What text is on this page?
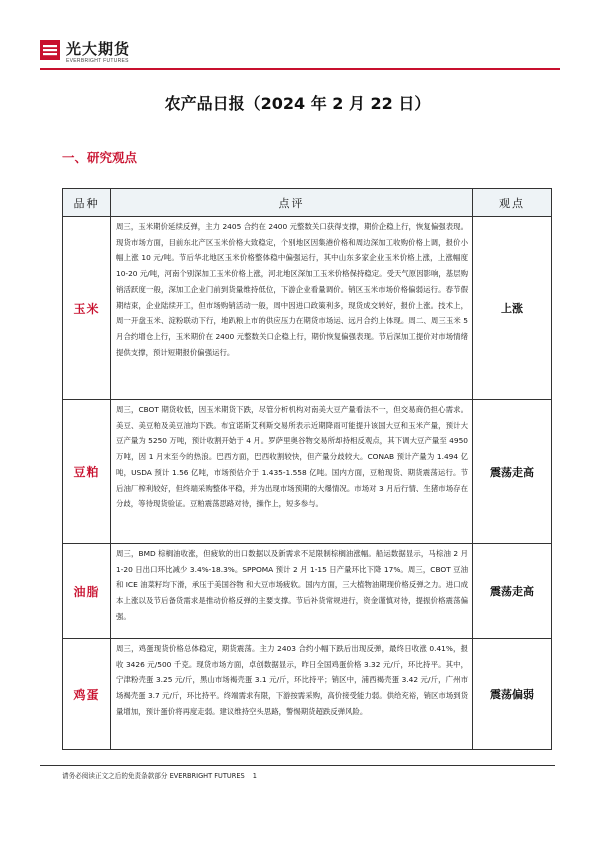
光大期货
EVERBRIGHT FUTURES
农产品日报（2024 年 2 月 22 日）
一、研究观点
品种	点评	观点
玉米	周三，玉米期价延续反弹，主力 2405 合约在 2400 元整数关口获得支撑，期价企稳上行，恢复偏强表现。现货市场方面，目前东北产区玉米价格大致稳定，个别地区因集港价格和周边深加工收购价格上调，报价小幅上涨 10 元/吨。节后华北地区玉米价格整体稳中偏强运行，其中山东多家企业玉米价格上涨，上涨幅度 10-20 元/吨，河南个别深加工玉米价格上涨，河北地区深加工玉米价格保持稳定。受天气原因影响，基层购销活跃度一般，深加工企业门前到货量维持低位，下游企业看量调价。销区玉米市场价格偏弱运行。春节假期结束，企业陆续开工，但市场购销活动一般，周中因进口政策利多，现货成交转好，报价上涨。技术上，周一开盘玉米、淀粉联动下行，地趴粮上市的供应压力在期货市场运、远月合约上体现。周二、周三玉米 5 月合约增仓上行，玉米期价在 2400 元整数关口企稳上行，期价恢复偏强表现。节后深加工提价对市场情绪提供支撑，预计短期报价偏强运行。	上涨
豆粕	周三，CBOT 期货收低，因玉米期货下跌，尽管分析机构对南美大豆产量看法不一，但交易商仍担心需求。美豆、美豆粕及美豆油均下跌。布宜诺斯艾利斯交易所表示近期降雨可能提升该国大豆和玉米产量，预计大豆产量为 5250 万吨，预计收割开始于 4 月。罗萨里奥谷物交易所却持相反观点，其下调大豆产量至 4950 万吨，因 1 月末至今的热浪。巴西方面，巴西收割较快，但产量分歧较大。CONAB 预计产量为 1.494 亿吨，USDA 预计 1.56 亿吨，市场预估介于 1.435-1.558 亿吨。国内方面，豆粕现货、期货震荡运行。节后油厂榨利较好，但终端采购整体平稳，并为出现市场预期的大爆情况。市场对 3 月后行情、生猪市场存在分歧，等待现货验证。豆粕震荡思路对待，操作上，短多参与。	震荡走高
油脂	周三，BMD 棕榈油收涨，但疲软的出口数据以及新需求不足限制棕榈油涨幅。船运数据显示，马棕油 2 月 1-20 日出口环比减少 3.4%-18.3%。SPPOMA 预计 2 月 1-15 日产量环比下降 17%。周三，CBOT 豆油和 ICE 油菜籽均下滑，承压于美国谷物 和大豆市场疲软。国内方面，三大植物油期现价格反弹之力。进口成本上涨以及节后备货需求是推动价格反弹的主要支撑。节后补货常规进行，资金谨慎对待，提振价格震荡偏强。	震荡走高
鸡蛋	周三，鸡蛋现货价格总体稳定，期货震荡。主力 2403 合约小幅下跌后出现反弹，最终日收涨 0.41%，报收 3426 元/500 千克。现货市场方面，卓创数据显示，昨日全国鸡蛋价格 3.32 元/斤，环比持平。其中，宁津粉壳蛋 3.25 元/斤，黑山市场褐壳蛋 3.1 元/斤，环比持平；销区中，浦西褐壳蛋 3.42 元/斤，广州市场褐壳蛋 3.7 元/斤，环比持平。终端需求有限，下游按需采购，高价接受能力弱。供给充裕，销区市场到货量增加，预计蛋价将再度走弱。建议维持空头思路，警惕期货超跌反弹风险。	震荡偏弱
请务必阅读正文之后的免责条款部分 EVERBRIGHT FUTURES 1
